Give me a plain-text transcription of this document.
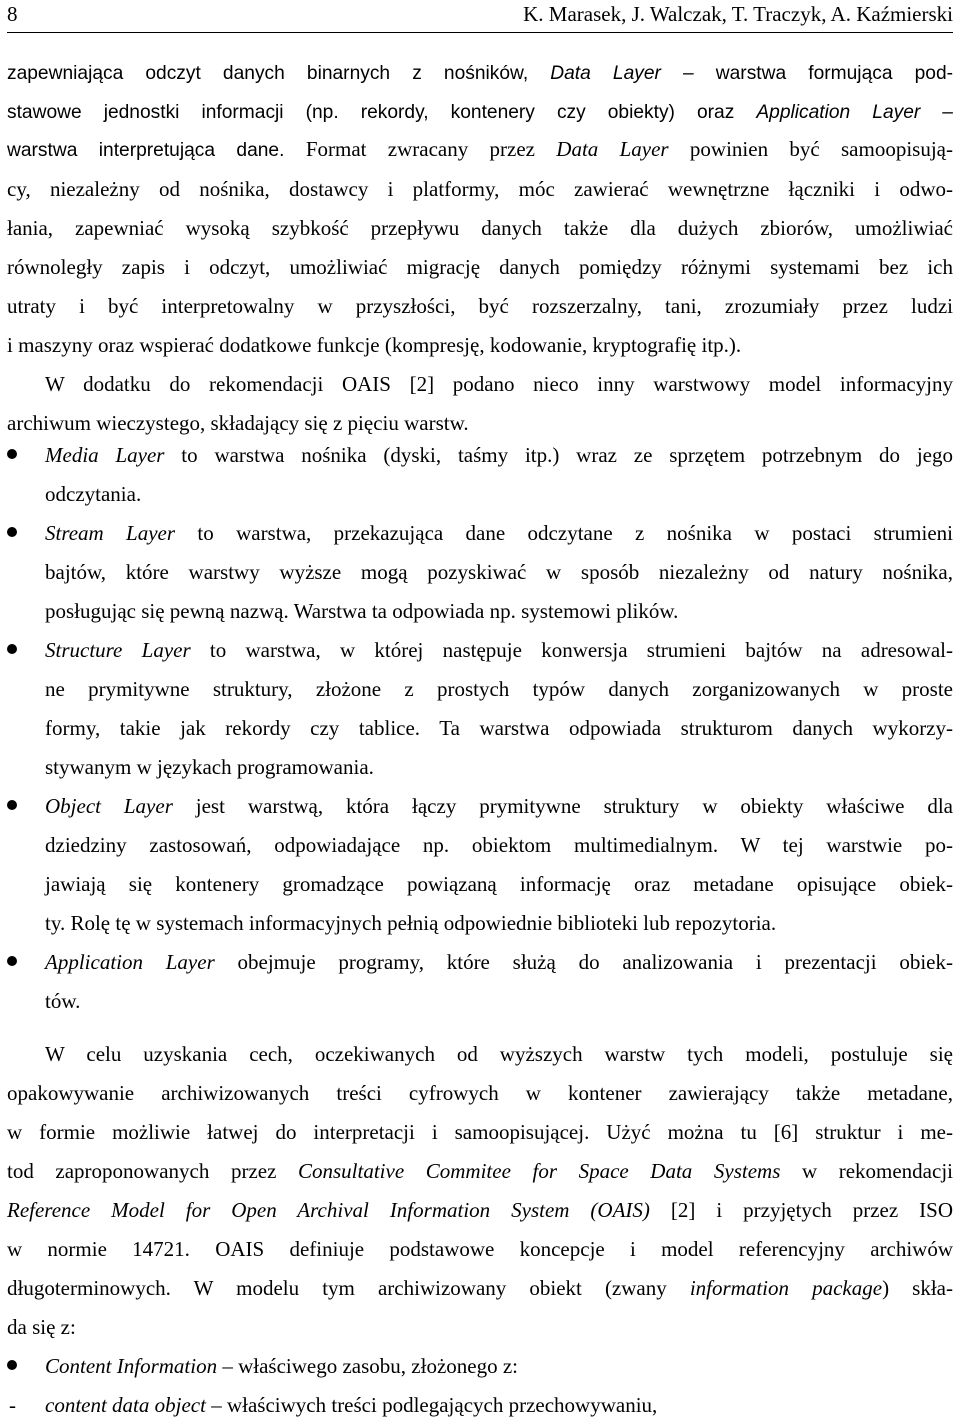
8	K. Marasek, J. Walczak, T. Traczyk, A. Kaźmierski
zapewniająca odczyt danych binarnych z nośników, Data Layer – warstwa formująca pod-
stawowe jednostki informacji (np. rekordy, kontenery czy obiekty) oraz Application Layer –
warstwa interpretująca dane. Format zwracany przez Data Layer powinien być samoopisują-
cy, niezależny od nośnika, dostawcy i platformy, móc zawierać wewnętrzne łączniki i odwo-
łania, zapewniać wysoką szybkość przepływu danych także dla dużych zbiorów, umożliwiać
równoległy zapis i odczyt, umożliwiać migrację danych pomiędzy różnymi systemami bez ich
utraty i być interpretowalny w przyszłości, być rozszerzalny, tani, zrozumiały przez ludzi
i maszyny oraz wspierać dodatkowe funkcje (kompresję, kodowanie, kryptografię itp.).
W dodatku do rekomendacji OAIS [2] podano nieco inny warstwowy model informacyjny
archiwum wieczystego, składający się z pięciu warstw.
Media Layer to warstwa nośnika (dyski, taśmy itp.) wraz ze sprzętem potrzebnym do jego
odczytania.
Stream Layer to warstwa, przekazująca dane odczytane z nośnika w postaci strumieni
bajtów, które warstwy wyższe mogą pozyskiwać w sposób niezależny od natury nośnika,
posługując się pewną nazwą. Warstwa ta odpowiada np. systemowi plików.
Structure Layer to warstwa, w której następuje konwersja strumieni bajtów na adresowal-
ne prymitywne struktury, złożone z prostych typów danych zorganizowanych w proste
formy, takie jak rekordy czy tablice. Ta warstwa odpowiada strukturom danych wykorzy-
stywanym w językach programowania.
Object Layer jest warstwą, która łączy prymitywne struktury w obiekty właściwe dla
dziedziny zastosowań, odpowiadające np. obiektom multimedialnym. W tej warstwie po-
jawiają się kontenery gromadzące powiązaną informację oraz metadane opisujące obiek-
ty. Rolę tę w systemach informacyjnych pełnią odpowiednie biblioteki lub repozytoria.
Application Layer obejmuje programy, które służą do analizowania i prezentacji obiek-
tów.
W celu uzyskania cech, oczekiwanych od wyższych warstw tych modeli, postuluje się
opakowywanie archiwizowanych treści cyfrowych w kontener zawierający także metadane,
w formie możliwie łatwej do interpretacji i samoopisującej. Użyć można tu [6] struktur i me-
tod zaproponowanych przez Consultative Commitee for Space Data Systems w rekomendacji
Reference Model for Open Archival Information System (OAIS) [2] i przyjętych przez ISO
w normie 14721. OAIS definiuje podstawowe koncepcje i model referencyjny archiwów
długoterminowych. W modelu tym archiwizowany obiekt (zwany information package) skła-
da się z:
Content Information – właściwego zasobu, złożonego z:
- content data object – właściwych treści podlegających przechowywaniu,
